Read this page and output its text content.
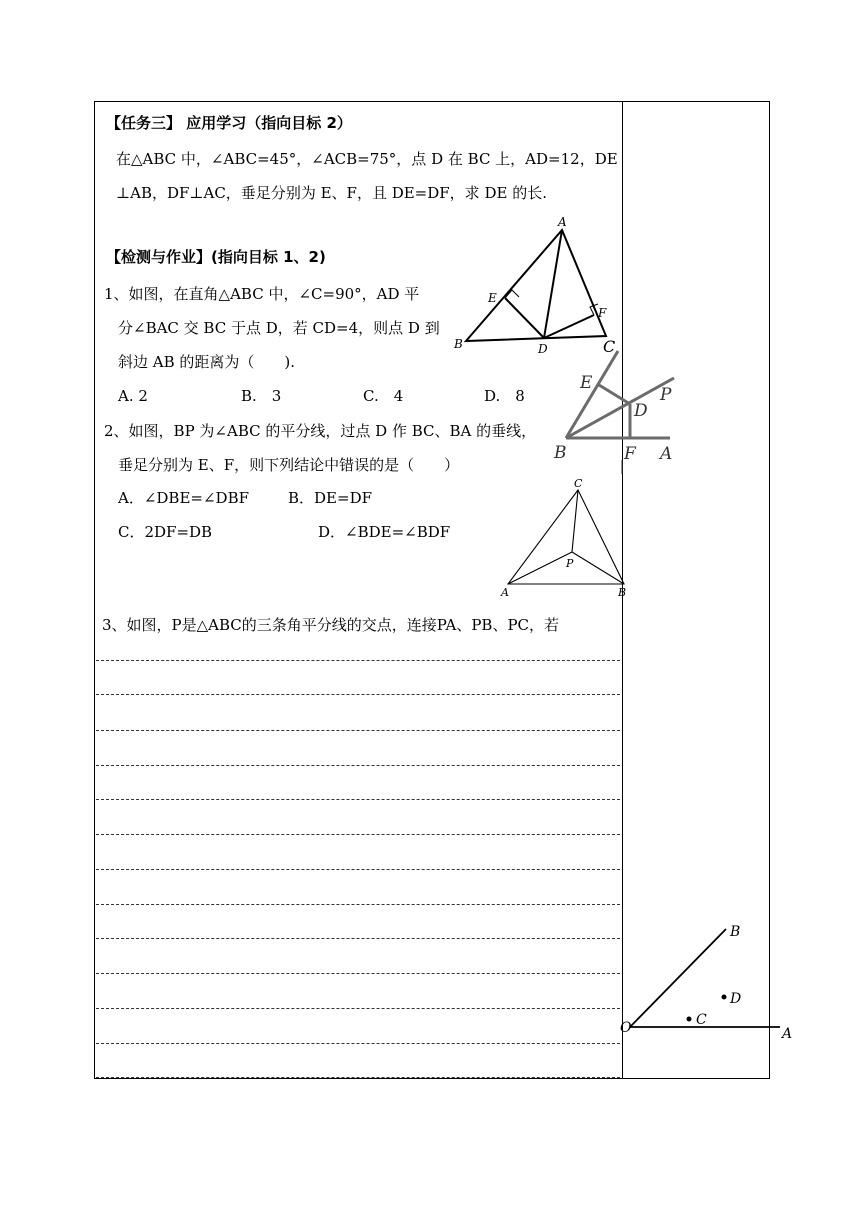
【任务三】 应用学习（指向目标 2）
在△ABC 中，∠ABC=45°，∠ACB=75°，点 D 在 BC 上，AD=12，DE
⊥AB，DF⊥AC，垂足分别为 E、F，且 DE=DF，求 DE 的长.
【检测与作业】(指向目标 1、2)
1、如图，在直角△ABC 中，∠C=90°，AD 平
分∠BAC 交 BC 于点 D，若 CD=4，则点 D 到
斜边 AB 的距离为（　　).
A. 2	B.　3	C.　4	D.　8
2、如图，BP 为∠ABC 的平分线，过点 D 作 BC、BA 的垂线，
垂足分别为 E、F，则下列结论中错误的是（　　）
A．∠DBE=∠DBF	B．DE=DF
C．2DF=DB	D．∠BDE=∠BDF
3、如图，P是△ABC的三条角平分线的交点，连接PA、PB、PC，若
A
B	C
D
E
F
B
E
D
P
F A
C
A	B
P
O	A
B
C
D
